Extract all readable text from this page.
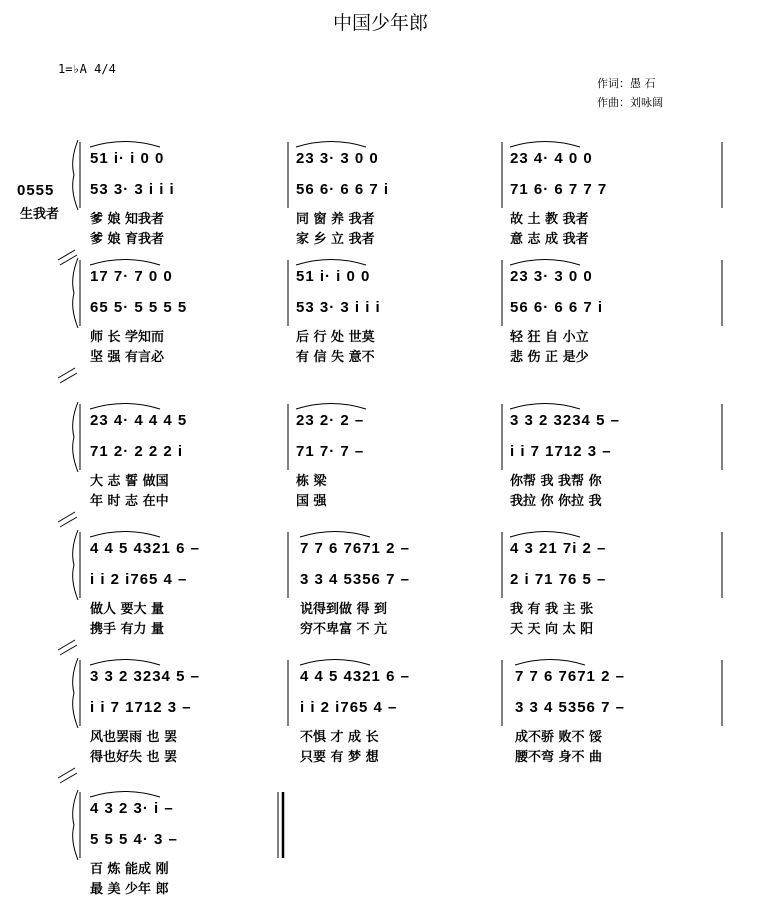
中国少年郎
1=♭A 4/4
作词：愚 石
作曲：刘咏阔
0555
生我者
51 i· i 0 0	23 3· 3 0 0	23 4· 4 0 0
53 3· 3 i i i	56 6· 6 6 7 i	71 6· 6 7 7 7
爹 娘 知我者	同 窗 养 我者	故 土 教 我者
爹 娘 育我者	家 乡 立 我者	意 志 成 我者
17 7· 7 0 0	51 i· i 0 0	23 3· 3 0 0
65 5· 5 5 5 5	53 3· 3 i i i	56 6· 6 6 7 i
师 长 学知而	后 行 处 世莫	轻 狂 自 小立
坚 强 有言必	有 信 失 意不	悲 伤 正 是少
23 4· 4 4 4 5	23 2· 2 –	3 3 2 3234 5 –
71 2· 2 2 2 i	71 7· 7 –	i i 7 1712 3 –
大 志 誓 做国	栋 梁	你帮 我 我帮 你
年 时 志 在中	国 强	我拉 你 你拉 我
4 4 5 4321 6 –	7 7 6 7671 2 –	4 3 21 7i 2 –
i i 2 i765 4 –	3 3 4 5356 7 –	2 i 71 76 5 –
做人 要大 量	说得到做 得 到	我 有 我 主 张
携手 有力 量	穷不卑富 不 亢	天 天 向 太 阳
3 3 2 3234 5 –	4 4 5 4321 6 –	7 7 6 7671 2 –
i i 7 1712 3 –	i i 2 i765 4 –	3 3 4 5356 7 –
风也罢雨 也 罢	不惧 才 成 长	成不骄 败不 馁
得也好失 也 罢	只要 有 梦 想	腰不弯 身不 曲
4 3 2 3· i –
5 5 5 4· 3 –
百 炼 能成 刚
最 美 少年 郎
